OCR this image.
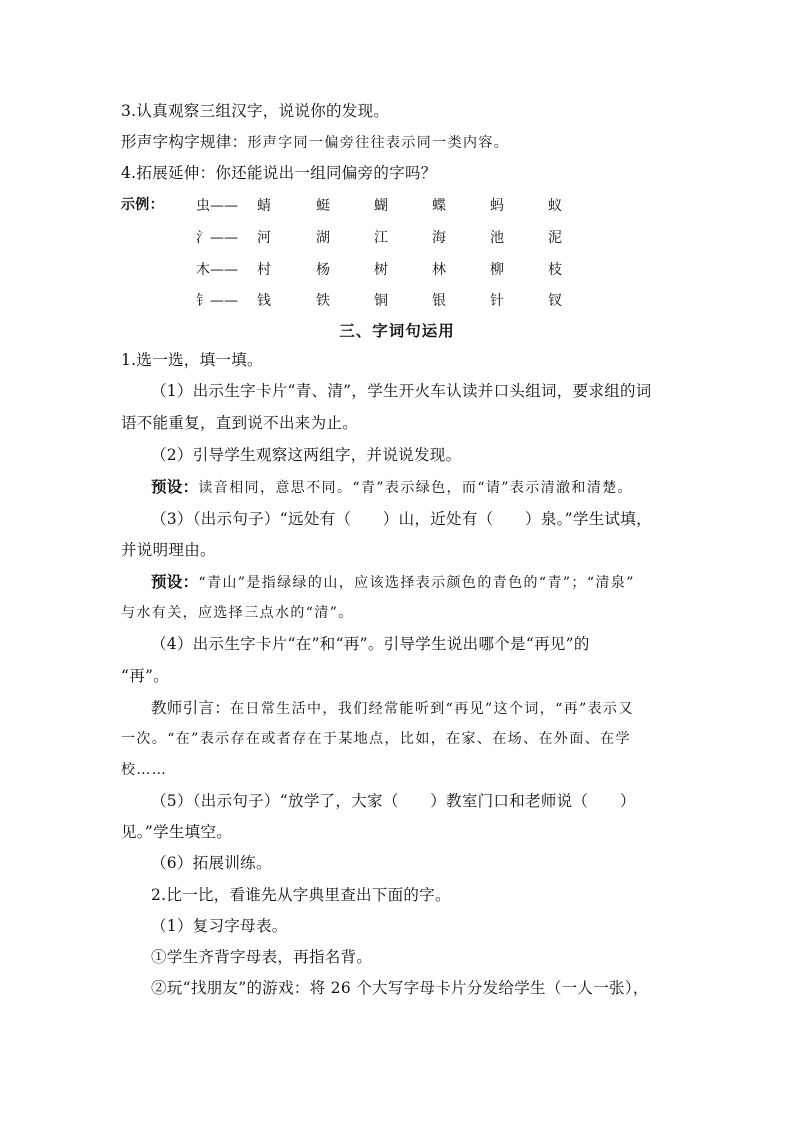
3.认真观察三组汉字，说说你的发现。
形声字构字规律：形声字同一偏旁往往表示同一类内容。
4.拓展延伸：你还能说出一组同偏旁的字吗？
示例： 虫—— 蜻	蜓	蝴	蝶	蚂	蚁
氵—— 河	湖	江	海	池	泥
木—— 村	杨	树	林	柳	枝
钅—— 钱	铁	铜	银	针	钗
三、字词句运用
1.选一选，填一填。
（1）出示生字卡片“青、清”，学生开火车认读并口头组词，要求组的词
语不能重复，直到说不出来为止。
（2）引导学生观察这两组字，并说说发现。
预设：读音相同，意思不同。“青”表示绿色，而“请”表示清澈和清楚。
（3）（出示句子）“远处有（　　）山，近处有（　　）泉。”学生试填，
并说明理由。
预设：“青山”是指绿绿的山，应该选择表示颜色的青色的“青”；“清泉”
与水有关，应选择三点水的“清”。
（4）出示生字卡片“在”和“再”。引导学生说出哪个是“再见”的
“再”。
教师引言：在日常生活中，我们经常能听到“再见”这个词，“再”表示又
一次。“在”表示存在或者存在于某地点，比如，在家、在场、在外面、在学
校……
（5）（出示句子）“放学了，大家（　　）教室门口和老师说（　　）
见。”学生填空。
（6）拓展训练。
2.比一比，看谁先从字典里查出下面的字。
（1）复习字母表。
①学生齐背字母表，再指名背。
②玩“找朋友”的游戏：将 26 个大写字母卡片分发给学生（一人一张），
